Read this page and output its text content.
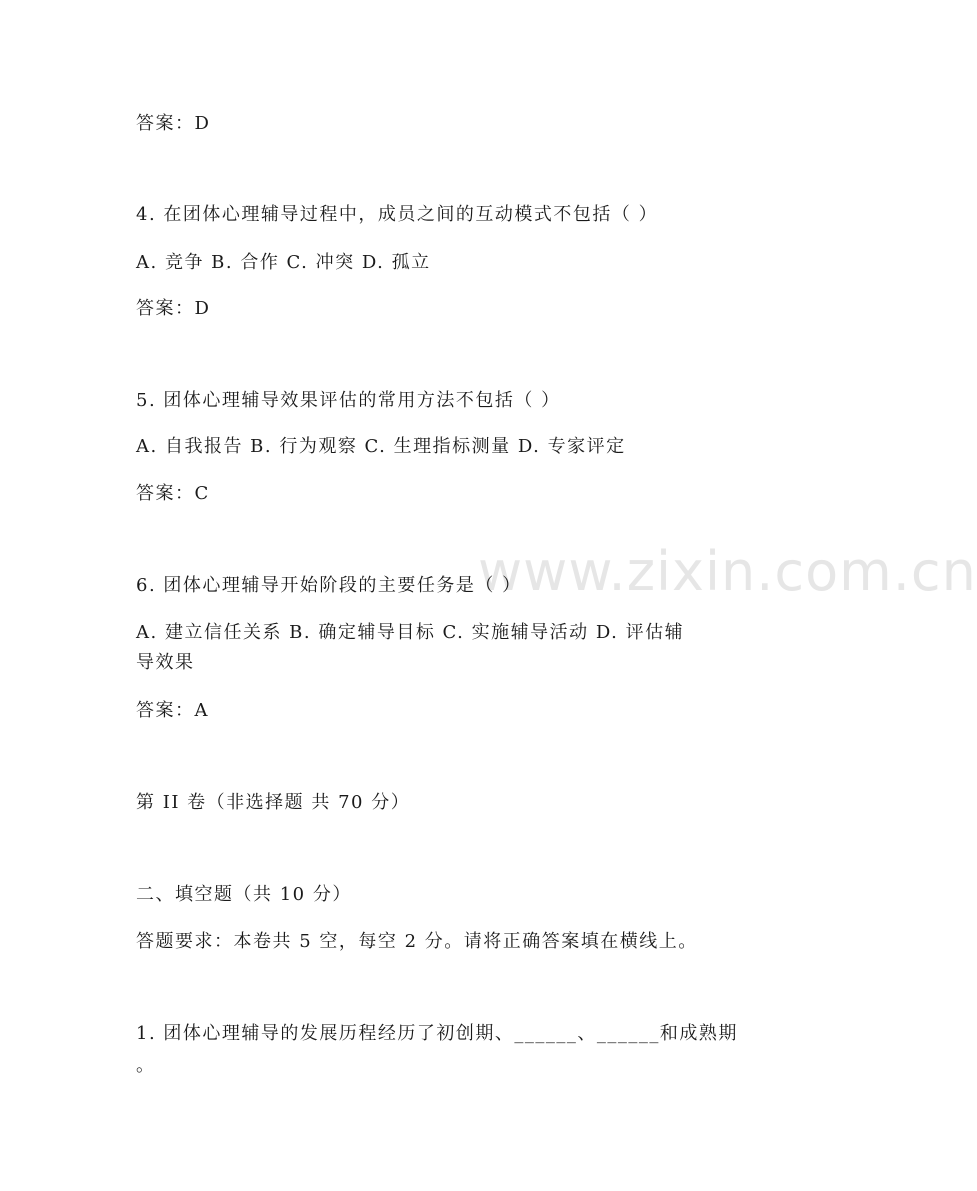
www.zixin.com.cn
答案：D
4. 在团体心理辅导过程中，成员之间的互动模式不包括（ ）
A. 竞争 B. 合作 C. 冲突 D. 孤立
答案：D
5. 团体心理辅导效果评估的常用方法不包括（ ）
A. 自我报告 B. 行为观察 C. 生理指标测量 D. 专家评定
答案：C
6. 团体心理辅导开始阶段的主要任务是（ ）
A. 建立信任关系 B. 确定辅导目标 C. 实施辅导活动 D. 评估辅
导效果
答案：A
第 II 卷（非选择题 共 70 分）
二、填空题（共 10 分）
答题要求：本卷共 5 空，每空 2 分。请将正确答案填在横线上。
1. 团体心理辅导的发展历程经历了初创期、______、______和成熟期
。
